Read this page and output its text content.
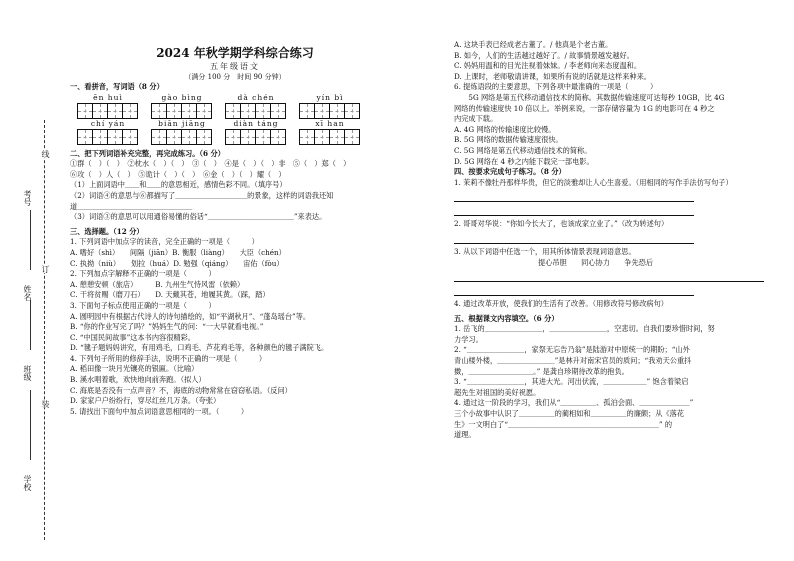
考号
姓名
班级
学校
线
订
装
2024 年秋学期学科综合练习
五年级语文
（满分 100 分　时间 90 分钟）
一、看拼音，写词语（8 分）
ēn huì	gào bìng	dà chén	yín bì
chí yán	biān jiāng	diàn táng	xī han
二、把下列词语补充完整，再完成练习。（6 分）
①群（　）（　）　②枕水（　）（　）　③（　）　④是（　）（　）非　⑤（　）郑（　）
⑥攻（　）人（　）　⑤诡计（　）（　）　⑥金（　）（　）耀（　）
（1）上面词语中＿＿和＿＿的意思相近，感情色彩不同。（填序号）
（2）词语④的意思与⑥都描写了＿＿＿＿＿＿＿＿＿＿的景象，这样的词语我还知
道＿＿＿＿＿＿＿＿＿＿＿＿＿＿＿＿
（3）词语③的意思可以用通俗易懂的俗话“＿＿＿＿＿＿＿＿＿＿＿＿”来表达。
三、选择题。（12 分）
1. 下列词语中加点字的读音，完全正确的一项是（　　　）
A. 嗜好（shì）　　间隔（jiān）B. 衡服（liàng）　　大臣（chén）
C. 执拗（niù）　　划拉（huá）D. 勉强（qiáng）　　宙佑（fòu）
2. 下列加点字解释不正确的一项是（　　　）
A. 憩憩安顿（旅店）　　　B. 九州生气恃风雷（依赖）
C. 干将贫赐（磨刀石）　　D. 天戴其苍，地履其黄。（踩，踏）
3. 下面句子标点使用正确的一项是（　　　）
A. 圆明园中有根据古代诗人的诗句描绘的，如“平湖秋月”、“蓬岛瑶台”等。
B. “你的作业写完了吗？”妈妈生气的问：“一大早就看电视。”
C. “中国民间故事”这本书内容很精彩。
D. “毽子题妈妈讲究，有用鸡毛，口鸡毛、芦花鸡毛等，各种颜色的毽子满院飞。
4. 下列句子所用的修辞手法，说明不正确的一项是（　　　）
A. 稻田像一块月光镶亮的银匾。（比喻）
B. 溪水唱着歌，欢快地向前奔跑。（拟人）
C. 海底是否没有一点声音？不，海底的动物常常在窃窃私语。（反问）
D. 家家户户纷纷行，穿尽红丝几万条。（夸张）
5. 请找出下面句中加点词语意思相同的一项。（　　　）
A. 这块手表已经成老古董了。/ 他真是个老古董。
B. 如今，人们的生活越过越好了。/ 故事情景越发越好。
C. 妈妈用温和的目光注视着妹妹。/ 李老师向来态度温和。
D. 上课时，老师敬请讲课，如果所有说的话就是这样来种来。
6. 提炼语段的主要意思，下列各项中最准确的一项是（　　　）
　　5G 网络是第五代移动通信技术的简称。其数据传输速度可达每秒 10GB，比 4G
网络的传输速度快 10 倍以上。举例来说，一部存储容量为 1G 的电影可在 4 秒之
内完成下载。
A. 4G 网络的传输速度比较慢。
B. 5G 网络的数据传输速度很快。
C. 5G 网络是第五代移动通信技术的简称。
D. 5G 网络在 4 秒之内能下载完一部电影。
四、按要求完成句子练习。（8 分）
1. 茉莉不像牡丹那样华贵，但它的淡雅却让人心生喜爱。（用相同的写作手法仿写句子）
2. 哥哥对华说：“你如今长大了，也该成家立业了。”（改为转述句）
3. 从以下词语中任选一个，用其所体情景表现词语意思。
提心吊胆　　同心协力　　争先恐后
4. 通过改革开放，使我们的生活有了改善。（用修改符号修改病句）
五、根据课文内容填空。（6 分）
1. 岳飞的＿＿＿＿＿＿＿＿，＿＿＿＿＿＿＿＿，空悲切。自我们要珍惜时间，努
力学习。
2. “＿＿＿＿＿＿＿＿，家祭无忘告乃翁”是陆游对中原统一的期盼；“山外
青山楼外楼，＿＿＿＿＿＿＿＿”是林升对南宋官员的质问；“我劝天公重抖
擞，＿＿＿＿＿＿＿＿＿。” 是龚自珍期待改革的抱负。
3. “＿＿＿＿＿＿＿＿，其进大光。河出伏流，＿＿＿＿＿＿” 饱含着梁启
超先生对祖国的美好祝愿。
4. 通过这一阶段的学习，我们从“＿＿＿＿＿、孤泊会面、＿＿＿＿＿＿＿”
三个小故事中认识了＿＿＿＿＿的蔺相如和＿＿＿＿＿的廉颇；从《落花
生》一文明白了“＿＿＿＿＿＿＿＿＿＿＿＿＿＿＿＿＿＿＿＿＿” 的
道理。
